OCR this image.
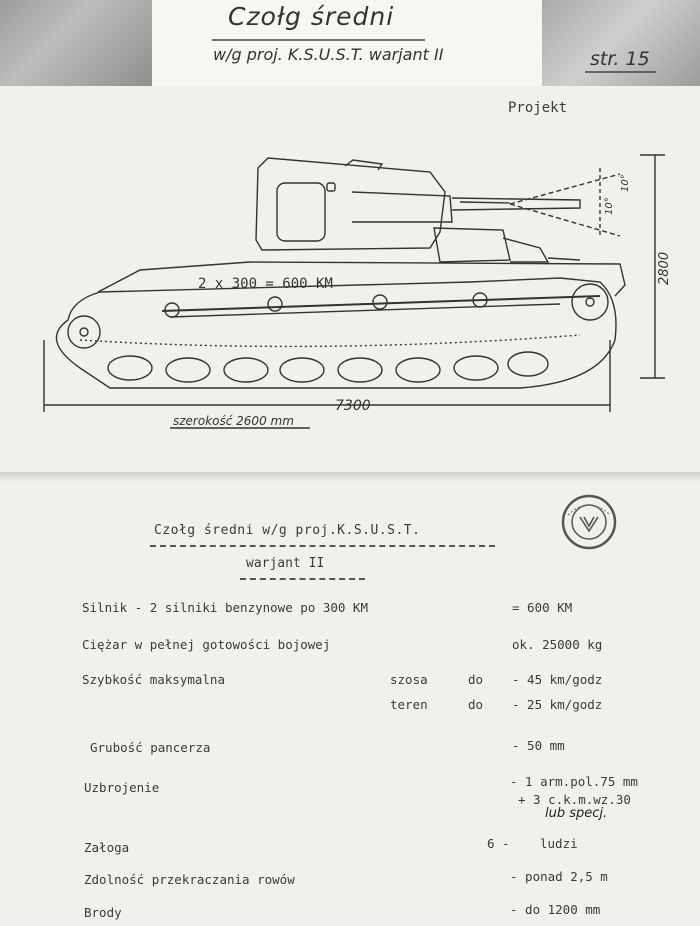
Czołg średni
w/g proj. K.S.U.S.T. warjant II	str. 15
Projekt
2 x 300 = 600 KM
7300
2800
szerokość 2600 mm
10°
10°
Czołg średni w/g proj.K.S.U.S.T.
warjant II
Silnik - 2 silniki benzynowe po 300 KM	= 600 KM
Ciężar w pełnej gotowości bojowej	ok. 25000 kg
Szybkość maksymalna	szosa	do - 45 km/godz
teren	do - 25 km/godz
Grubość pancerza	- 50 mm
Uzbrojenie	- 1 arm.pol.75 mm
+ 3 c.k.m.wz.30
lub specj.
Załoga	6 - ludzi
Zdolność przekraczania rowów	- ponad 2,5 m
Brody	- do 1200 mm
